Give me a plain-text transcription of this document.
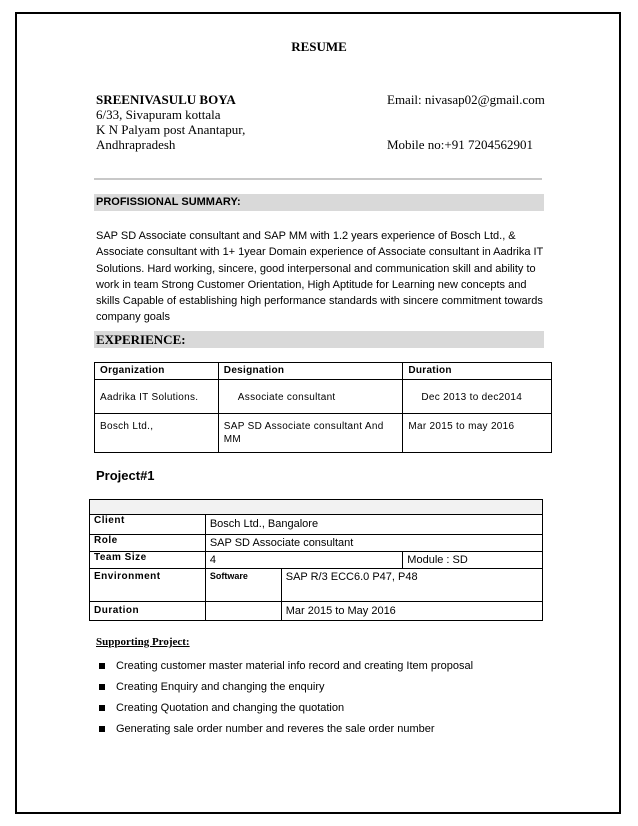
RESUME
SREENIVASULU BOYA
6/33, Sivapuram kottala
K N Palyam post Anantapur,
Andhrapradesh
Email: nivasap02@gmail.com
Mobile no:+91 7204562901
PROFISSIONAL SUMMARY:
SAP SD Associate consultant and SAP MM with 1.2 years experience of Bosch Ltd., & Associate consultant with 1+ 1year Domain experience of Associate consultant in Aadrika IT Solutions. Hard working, sincere, good interpersonal and communication skill and ability to work in team Strong Customer Orientation, High Aptitude for Learning new concepts and skills Capable of establishing high performance standards with sincere commitment towards company goals
EXPERIENCE:
Organization	Designation	Duration
Aadrika IT Solutions.	Associate consultant	Dec 2013 to dec2014
Bosch Ltd.,	SAP SD Associate consultant And MM	Mar 2015 to may 2016
Project#1

Client	Bosch Ltd., Bangalore		
Role	SAP SD Associate consultant		
Team Size	4		Module : SD
Environment	Software	SAP R/3 ECC6.0 P47, P48	
Duration		Mar 2015 to May 2016	
Supporting Project:
Creating customer master material info record and creating Item proposal
Creating Enquiry and changing the enquiry
Creating Quotation and changing the quotation
Generating sale order number and reveres the sale order number
